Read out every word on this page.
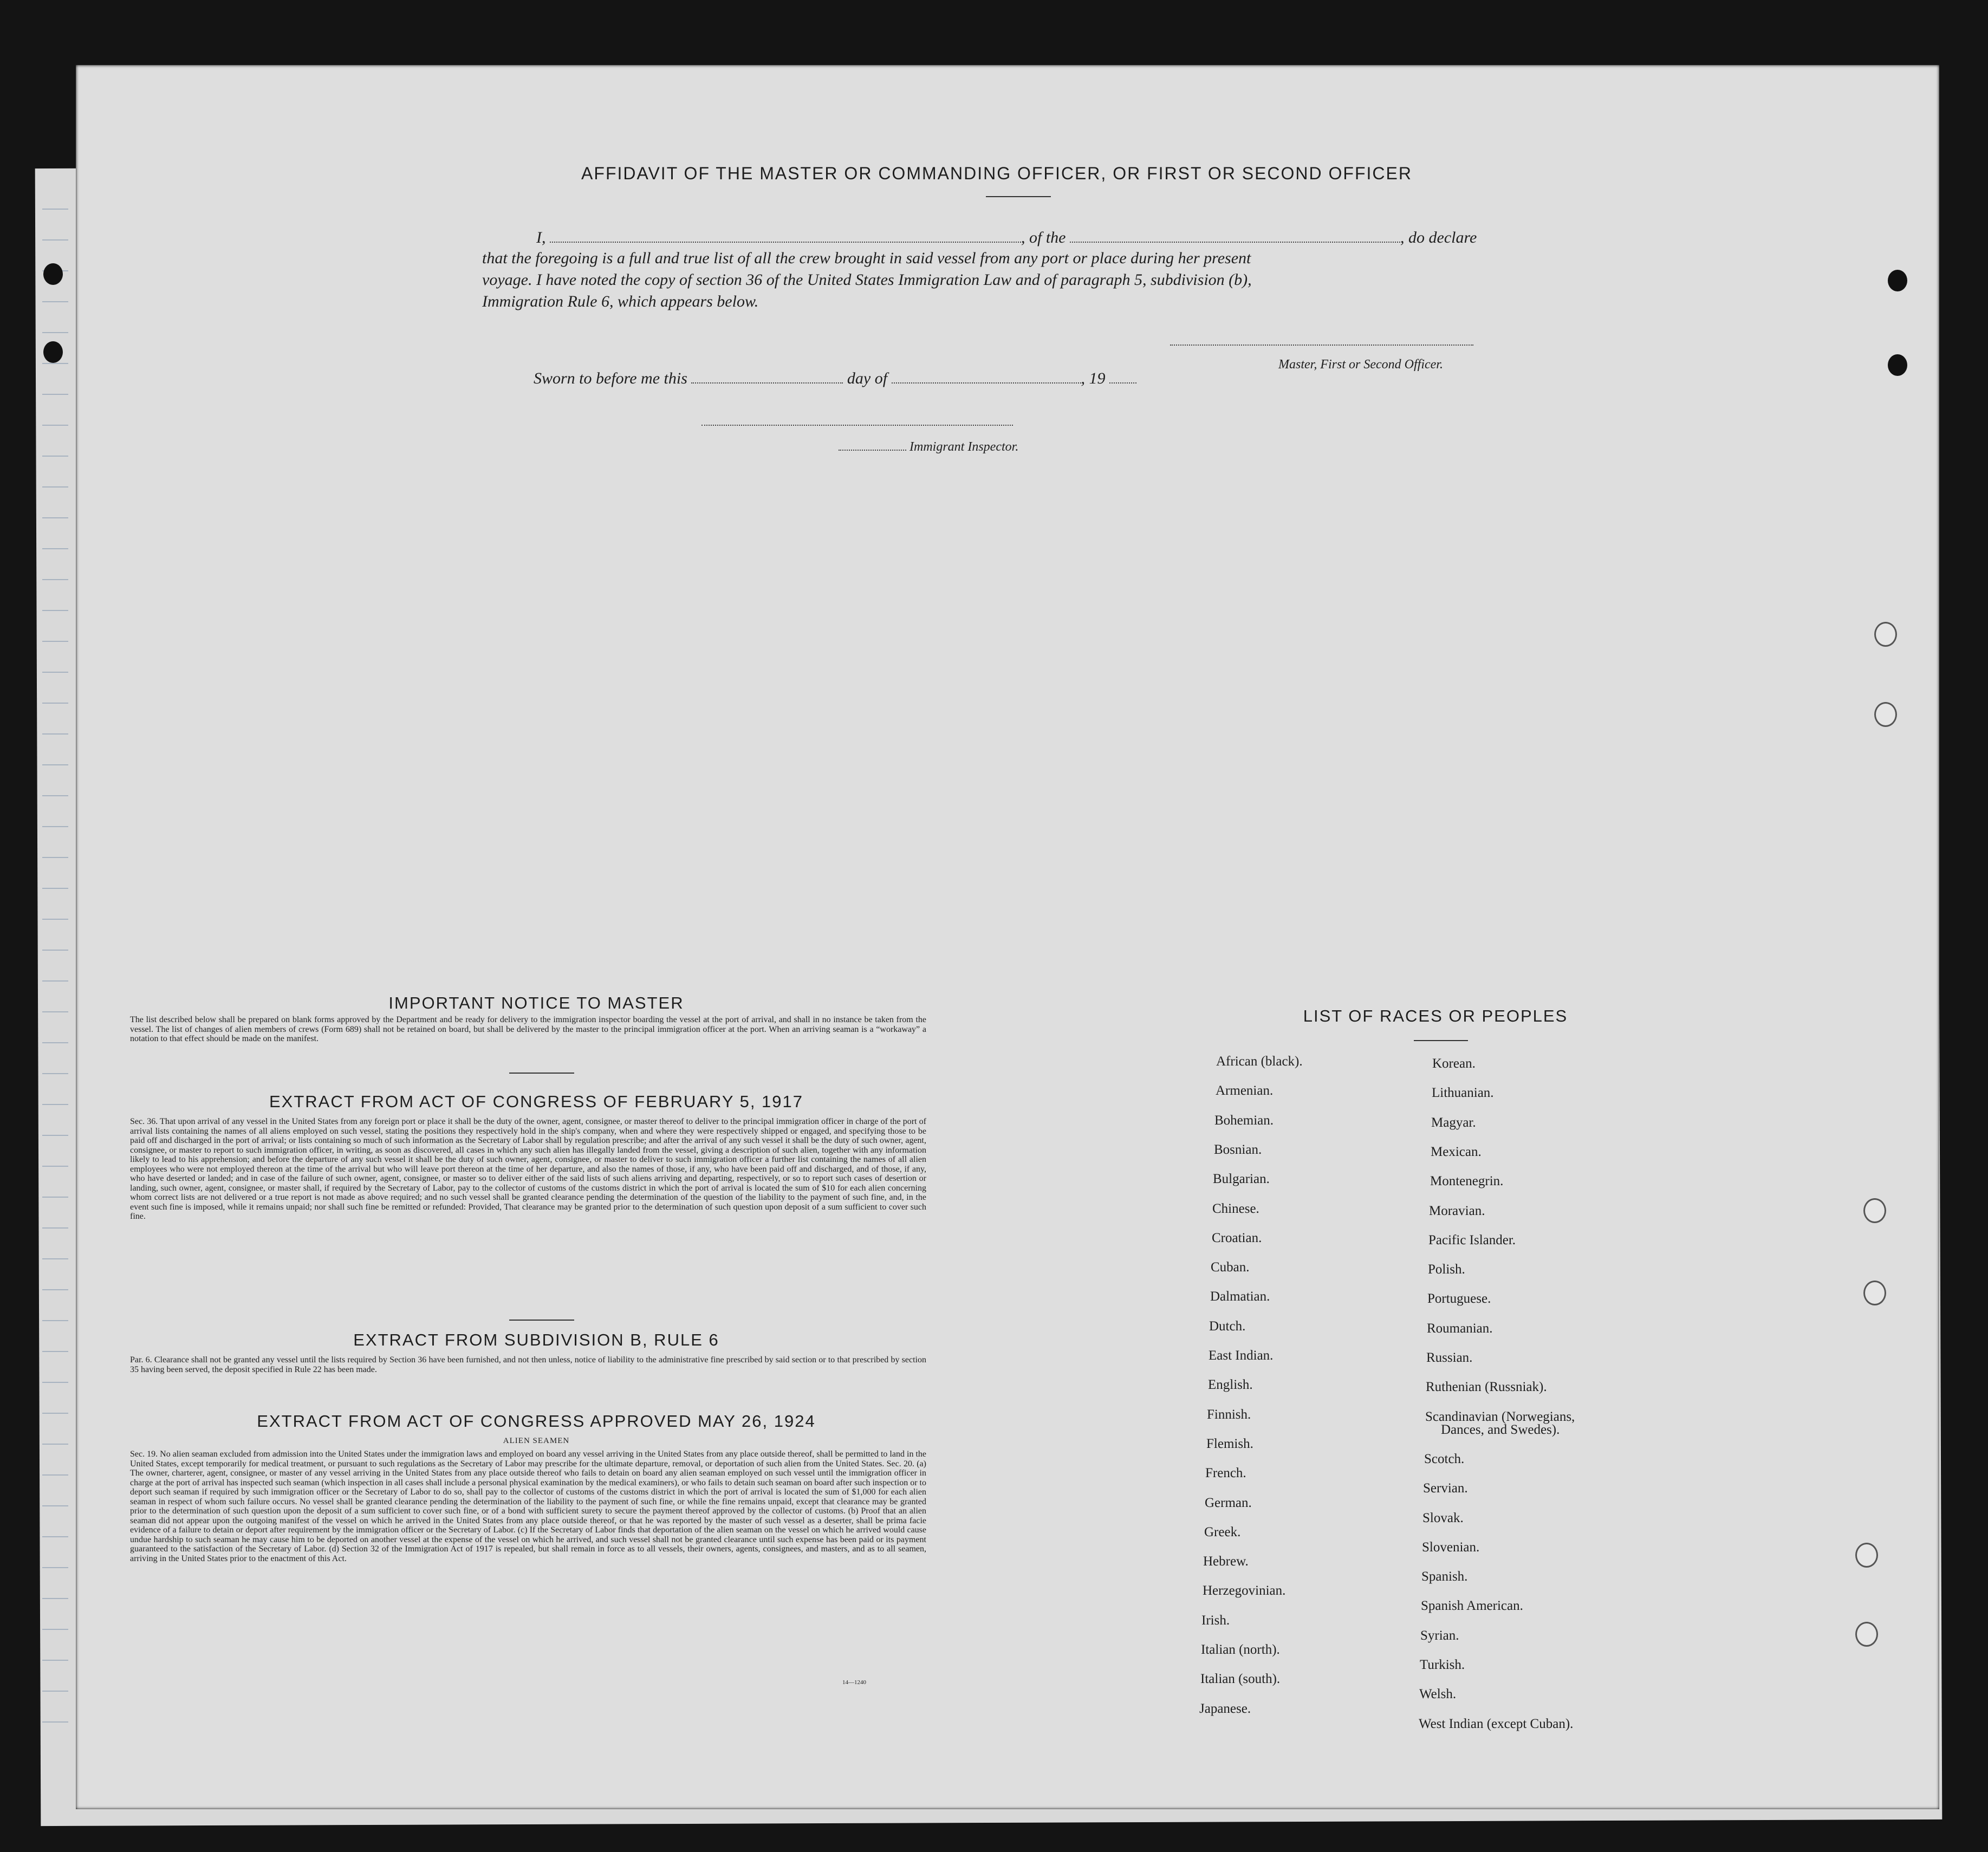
AFFIDAVIT OF THE MASTER OR COMMANDING OFFICER, OR FIRST OR SECOND OFFICER
I,	, of the	, do declare
that the foregoing is a full and true list of all the crew brought in said vessel from any port or place during her present
voyage. I have noted the copy of section 36 of the United States Immigration Law and of paragraph 5, subdivision (b),
Immigration Rule 6, which appears below.
Master, First or Second Officer.
Sworn to before me this	day of	, 19
Immigrant Inspector.
IMPORTANT NOTICE TO MASTER
The list described below shall be prepared on blank forms approved by the Department and be ready for delivery to the immigration inspector boarding the vessel at the port of arrival, and shall in no instance be taken from the vessel. The list of changes of alien members of crews (Form 689) shall not be retained on board, but shall be delivered by the master to the principal immigration officer at the port. When an arriving seaman is a “workaway” a notation to that effect should be made on the manifest.
EXTRACT FROM ACT OF CONGRESS OF FEBRUARY 5, 1917
Sec. 36. That upon arrival of any vessel in the United States from any foreign port or place it shall be the duty of the owner, agent, consignee, or master thereof to deliver to the principal immigration officer in charge of the port of arrival lists containing the names of all aliens employed on such vessel, stating the positions they respectively hold in the ship's company, when and where they were respectively shipped or engaged, and specifying those to be paid off and discharged in the port of arrival; or lists containing so much of such information as the Secretary of Labor shall by regulation prescribe; and after the arrival of any such vessel it shall be the duty of such owner, agent, consignee, or master to report to such immigration officer, in writing, as soon as discovered, all cases in which any such alien has illegally landed from the vessel, giving a description of such alien, together with any information likely to lead to his apprehension; and before the departure of any such vessel it shall be the duty of such owner, agent, consignee, or master to deliver to such immigration officer a further list containing the names of all alien employees who were not employed thereon at the time of the arrival but who will leave port thereon at the time of her departure, and also the names of those, if any, who have been paid off and discharged, and of those, if any, who have deserted or landed; and in case of the failure of such owner, agent, consignee, or master so to deliver either of the said lists of such aliens arriving and departing, respectively, or so to report such cases of desertion or landing, such owner, agent, consignee, or master shall, if required by the Secretary of Labor, pay to the collector of customs of the customs district in which the port of arrival is located the sum of $10 for each alien concerning whom correct lists are not delivered or a true report is not made as above required; and no such vessel shall be granted clearance pending the determination of the question of the liability to the payment of such fine, and, in the event such fine is imposed, while it remains unpaid; nor shall such fine be remitted or refunded: Provided, That clearance may be granted prior to the determination of such question upon deposit of a sum sufficient to cover such fine.
EXTRACT FROM SUBDIVISION B, RULE 6
Par. 6. Clearance shall not be granted any vessel until the lists required by Section 36 have been furnished, and not then unless, notice of liability to the administrative fine prescribed by said section or to that prescribed by section 35 having been served, the deposit specified in Rule 22 has been made.
EXTRACT FROM ACT OF CONGRESS APPROVED MAY 26, 1924
ALIEN SEAMEN
Sec. 19. No alien seaman excluded from admission into the United States under the immigration laws and employed on board any vessel arriving in the United States from any place outside thereof, shall be permitted to land in the United States, except temporarily for medical treatment, or pursuant to such regulations as the Secretary of Labor may prescribe for the ultimate departure, removal, or deportation of such alien from the United States. Sec. 20. (a) The owner, charterer, agent, consignee, or master of any vessel arriving in the United States from any place outside thereof who fails to detain on board any alien seaman employed on such vessel until the immigration officer in charge at the port of arrival has inspected such seaman (which inspection in all cases shall include a personal physical examination by the medical examiners), or who fails to detain such seaman on board after such inspection or to deport such seaman if required by such immigration officer or the Secretary of Labor to do so, shall pay to the collector of customs of the customs district in which the port of arrival is located the sum of $1,000 for each alien seaman in respect of whom such failure occurs. No vessel shall be granted clearance pending the determination of the liability to the payment of such fine, or while the fine remains unpaid, except that clearance may be granted prior to the determination of such question upon the deposit of a sum sufficient to cover such fine, or of a bond with sufficient surety to secure the payment thereof approved by the collector of customs. (b) Proof that an alien seaman did not appear upon the outgoing manifest of the vessel on which he arrived in the United States from any place outside thereof, or that he was reported by the master of such vessel as a deserter, shall be prima facie evidence of a failure to detain or deport after requirement by the immigration officer or the Secretary of Labor. (c) If the Secretary of Labor finds that deportation of the alien seaman on the vessel on which he arrived would cause undue hardship to such seaman he may cause him to be deported on another vessel at the expense of the vessel on which he arrived, and such vessel shall not be granted clearance until such expense has been paid or its payment guaranteed to the satisfaction of the Secretary of Labor. (d) Section 32 of the Immigration Act of 1917 is repealed, but shall remain in force as to all vessels, their owners, agents, consignees, and masters, and as to all seamen, arriving in the United States prior to the enactment of this Act.
14—1240
LIST OF RACES OR PEOPLES
African (black).
Armenian.
Bohemian.
Bosnian.
Bulgarian.
Chinese.
Croatian.
Cuban.
Dalmatian.
Dutch.
East Indian.
English.
Finnish.
Flemish.
French.
German.
Greek.
Hebrew.
Herzegovinian.
Irish.
Italian (north).
Italian (south).
Japanese.
Korean.
Lithuanian.
Magyar.
Mexican.
Montenegrin.
Moravian.
Pacific Islander.
Polish.
Portuguese.
Roumanian.
Russian.
Ruthenian (Russniak).
Scandinavian (Norwegians,
Dances, and Swedes).
Scotch.
Servian.
Slovak.
Slovenian.
Spanish.
Spanish American.
Syrian.
Turkish.
Welsh.
West Indian (except Cuban).
